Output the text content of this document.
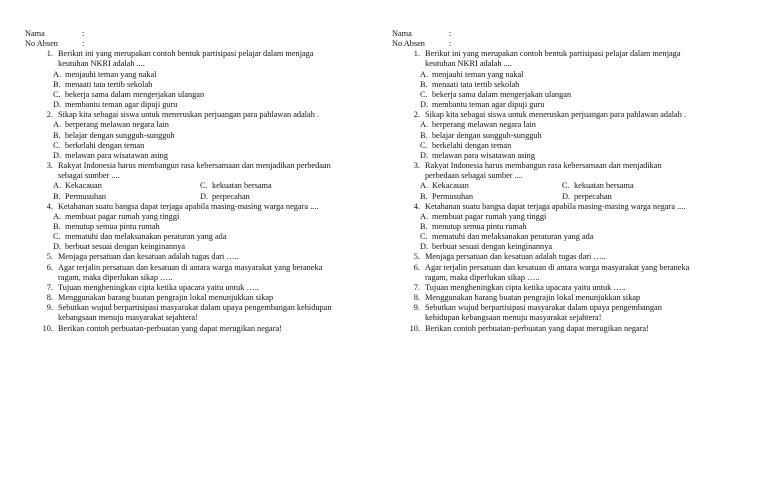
Nama	:
No Absen	:
1. Berikut ini yang merupakan contoh bentuk partisipasi pelajar dalam menjaga
keutuhan NKRI adalah ....
A. menjauhi teman yang nakal
B. menaati tata tertib sekolah
C. bekerja sama dalam mengerjakan ulangan
D. membantu teman agar dipuji guru
2. Sikap kita sebagai siswa untuk meneruskan perjuangan para pahlawan adalah .
A. berperang melawan negara lain
B. belajar dengan sungguh-sungguh
C. berkelahi dengan teman
D. melawan para wisatawan asing
3. Rakyat Indonesia harus membangun rasa kebersamaan dan menjadikan perbedaan
sebagai sumber ....
A. Kekacauan	C. kekuatan bersama
B. Permusuhan	D. perpecahan
4. Ketahanan suatu bangsa dapat terjaga apabila masing-masing warga negara ....
A. membuat pagar rumah yang tinggi
B. menutup semua pintu rumah
C. mematuhi dan melaksanakan peraturan yang ada
D. berbuat sesuai dengan keinginannya
5. Menjaga persatuan dan kesatuan adalah tugas dari …..
6. Agar terjalin persatuan dan kesatuan di antara warga masyarakat yang beraneka
ragam, maka diperlukan sikap …..
7. Tujuan mengheningkan cipta ketika upacara yaitu untuk …..
8. Menggunakan barang buatan pengrajin lokal menunjukkan sikap
9. Sebutkan wujud berpartisipasi masyarakat dalam upaya pengembangan kehidupan
kebangsaan menuju masyarakat sejahtera!
10. Berikan contoh perbuatan-perbuatan yang dapat merugikan negara!
Nama	:
No Absen	:
1. Berikut ini yang merupakan contoh bentuk partisipasi pelajar dalam menjaga
keutuhan NKRI adalah ....
A. menjauhi teman yang nakal
B. menaati tata tertib sekolah
C. bekerja sama dalam mengerjakan ulangan
D. membantu teman agar dipuji guru
2. Sikap kita sebagai siswa untuk meneruskan perjuangan para pahlawan adalah .
A. berperang melawan negara lain
B. belajar dengan sungguh-sungguh
C. berkelahi dengan teman
D. melawan para wisatawan asing
3. Rakyat Indonesia harus membangun rasa kebersamaan dan menjadikan
perbedaan sebagai sumber ....
A. Kekacauan	C. kekuatan bersama
B. Permusuhan	D. perpecahan
4. Ketahanan suatu bangsa dapat terjaga apabila masing-masing warga negara ....
A. membuat pagar rumah yang tinggi
B. menutup semua pintu rumah
C. mematuhi dan melaksanakan peraturan yang ada
D. berbuat sesuai dengan keinginannya
5. Menjaga persatuan dan kesatuan adalah tugas dari …..
6. Agar terjalin persatuan dan kesatuan di antara warga masyarakat yang beraneka
ragam, maka diperlukan sikap …..
7. Tujuan mengheningkan cipta ketika upacara yaitu untuk …..
8. Menggunakan barang buatan pengrajin lokal menunjukkan sikap
9. Sebutkan wujud berpartisipasi masyarakat dalam upaya pengembangan
kehidupan kebangsaan menuju masyarakat sejahtera!
10. Berikan contoh perbuatan-perbuatan yang dapat merugikan negara!
